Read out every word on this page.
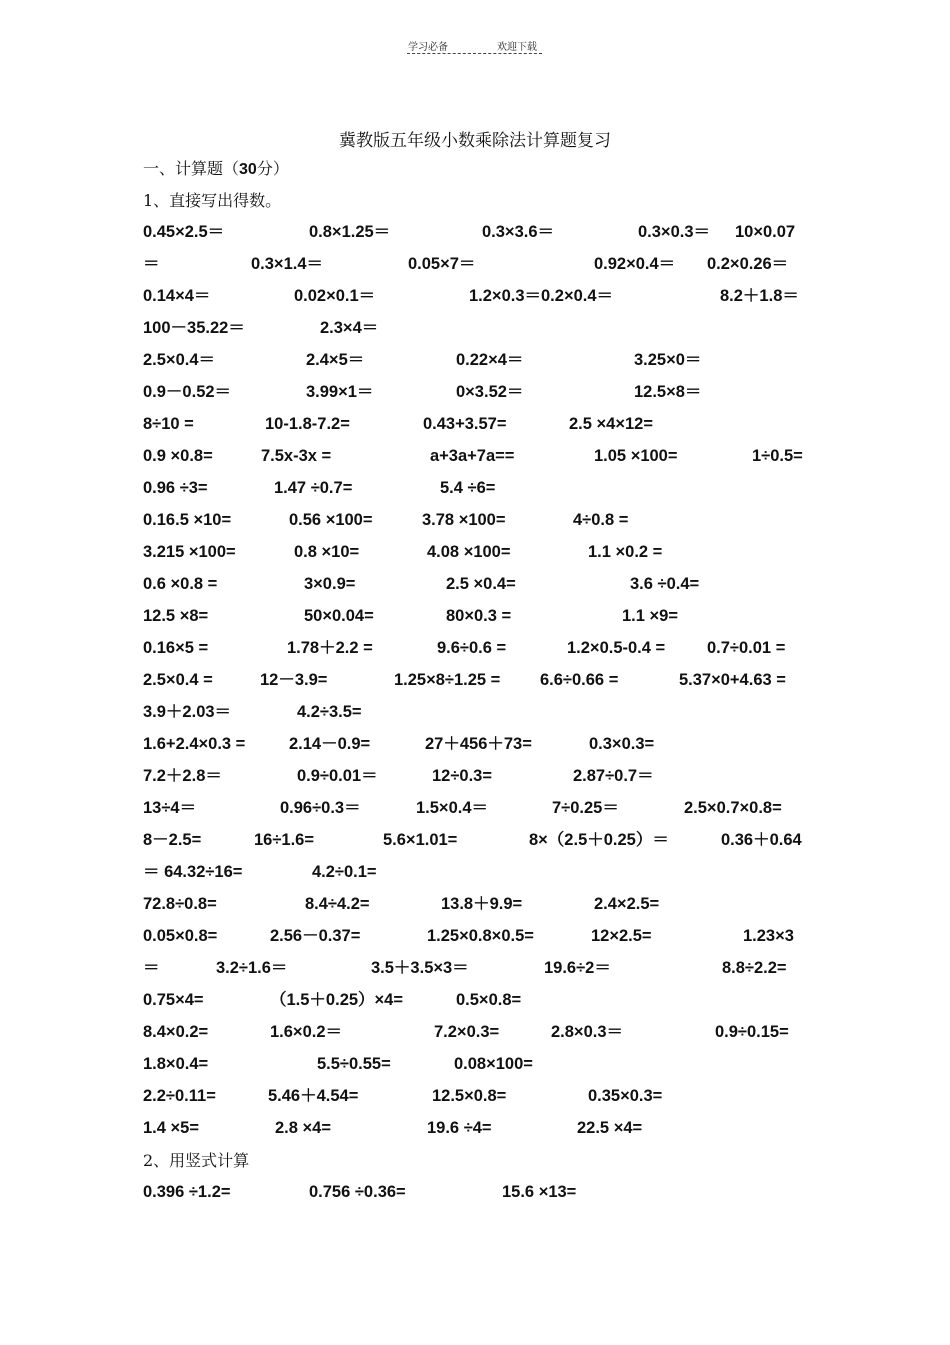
学习必备	欢迎下载
冀教版五年级小数乘除法计算题复习
一、计算题（30分）
1、直接写出得数。
0.45×2.5＝	0.8×1.25＝	0.3×3.6＝	0.3×0.3＝ 10×0.07
＝	0.3×1.4＝	0.05×7＝	0.92×0.4＝ 0.2×0.26＝
0.14×4＝	0.02×0.1＝	1.2×0.3＝0.2×0.4＝	8.2＋1.8＝
100－35.22＝	2.3×4＝
2.5×0.4＝	2.4×5＝	0.22×4＝	3.25×0＝
0.9－0.52＝	3.99×1＝	0×3.52＝	12.5×8＝
8÷10 =	10-1.8-7.2=	0.43+3.57=	2.5 ×4×12=
0.9 ×0.8=	7.5x-3x =	a+3a+7a==	1.05 ×100=	1÷0.5=
0.96 ÷3=	1.47 ÷0.7=	5.4 ÷6=
0.16.5 ×10=	0.56 ×100=	3.78 ×100=	4÷0.8 =
3.215 ×100=	0.8 ×10=	4.08 ×100=	1.1 ×0.2 =
0.6 ×0.8 =	3×0.9=	2.5 ×0.4=	3.6 ÷0.4=
12.5 ×8=	50×0.04=	80×0.3 =	1.1 ×9=
0.16×5 =	1.78＋2.2 =	9.6÷0.6 =	1.2×0.5-0.4 =	0.7÷0.01 =
2.5×0.4 =	12－3.9=	1.25×8÷1.25 = 6.6÷0.66 =	5.37×0+4.63 =
3.9＋2.03＝	4.2÷3.5=
1.6+2.4×0.3 =	2.14－0.9=	27＋456＋73=	0.3×0.3=
7.2＋2.8＝	0.9÷0.01＝	12÷0.3=	2.87÷0.7＝
13÷4＝	0.96÷0.3＝	1.5×0.4＝	7÷0.25＝	2.5×0.7×0.8=
8－2.5=	16÷1.6=	5.6×1.01=	8×（2.5＋0.25）＝	0.36＋0.64
＝ 64.32÷16=	4.2÷0.1=
72.8÷0.8=	8.4÷4.2=	13.8＋9.9=	2.4×2.5=
0.05×0.8=	2.56－0.37=	1.25×0.8×0.5=	12×2.5=	1.23×3
＝	3.2÷1.6＝	3.5＋3.5×3＝	19.6÷2＝	8.8÷2.2=
0.75×4=	（1.5＋0.25）×4=	0.5×0.8=
8.4×0.2=	1.6×0.2＝	7.2×0.3=	2.8×0.3＝	0.9÷0.15=
1.8×0.4=	5.5÷0.55=	0.08×100=
2.2÷0.11=	5.46＋4.54=	12.5×0.8=	0.35×0.3=
1.4 ×5=	2.8 ×4=	19.6 ÷4=	22.5 ×4=
2、用竖式计算
0.396 ÷1.2=	0.756 ÷0.36=	15.6 ×13=
